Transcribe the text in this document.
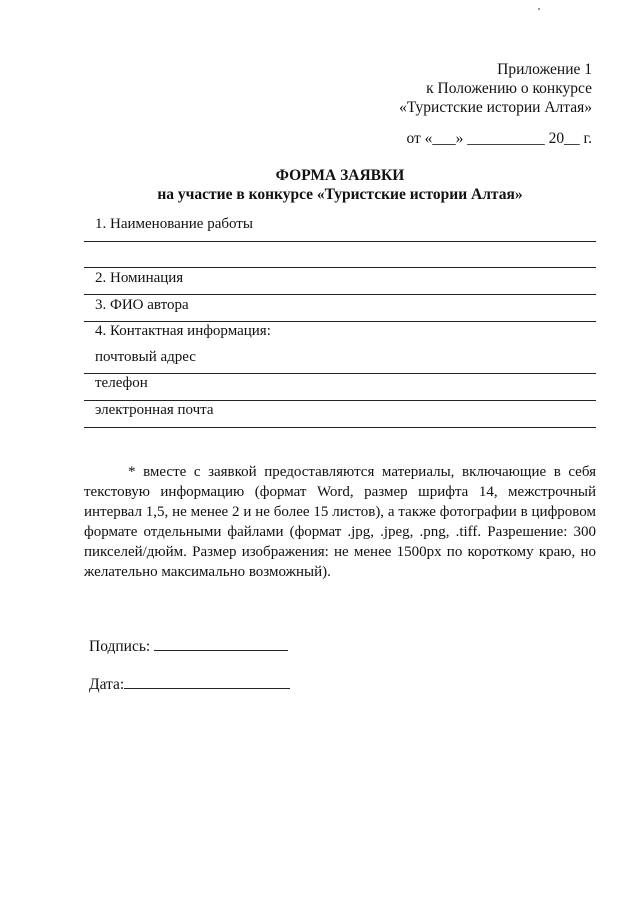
Приложение 1
к Положению о конкурсе
«Туристские истории Алтая»
от «___» __________ 20__ г.
ФОРМА ЗАЯВКИ
на участие в конкурсе «Туристские истории Алтая»
1. Наименование работы
2. Номинация
3. ФИО автора
4. Контактная информация:
почтовый адрес
телефон
электронная почта
* вместе с заявкой предоставляются материалы, включающие в себя текстовую информацию (формат Word, размер шрифта 14, межстрочный интервал 1,5, не менее 2 и не более 15 листов), а также фотографии в цифровом формате отдельными файлами (формат .jpg, .jpeg, .png, .tiff. Разрешение: 300 пикселей/дюйм. Размер изображения: не менее 1500px по короткому краю, но желательно максимально возможный).
Подпись:
Дата:
